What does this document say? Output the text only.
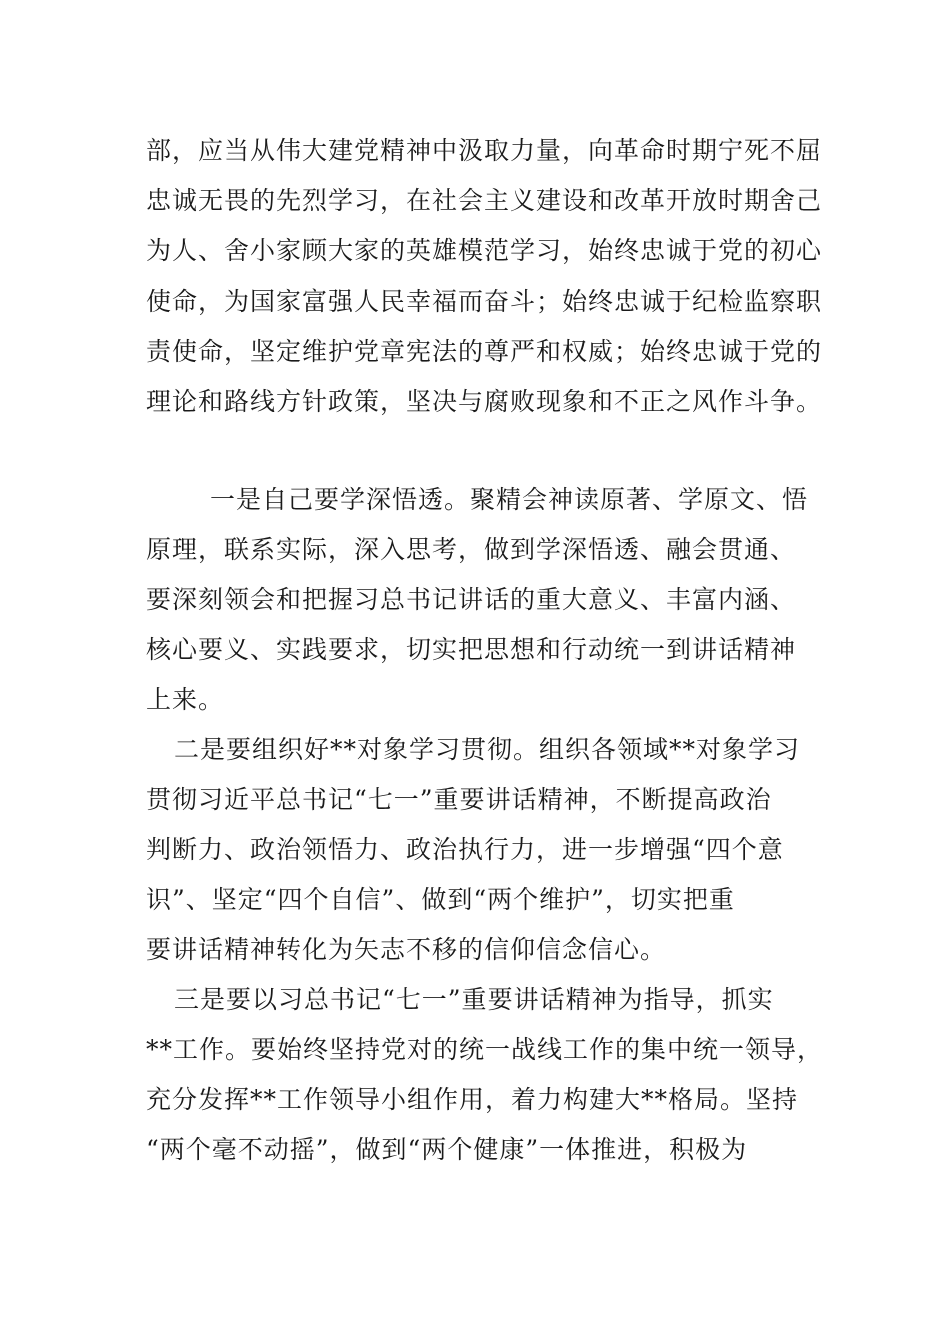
部，应当从伟大建党精神中汲取力量，向革命时期宁死不屈
忠诚无畏的先烈学习，在社会主义建设和改革开放时期舍己
为人、舍小家顾大家的英雄模范学习，始终忠诚于党的初心
使命，为国家富强人民幸福而奋斗；始终忠诚于纪检监察职
责使命，坚定维护党章宪法的尊严和权威；始终忠诚于党的
理论和路线方针政策，坚决与腐败现象和不正之风作斗争。
一是自己要学深悟透。聚精会神读原著、学原文、悟
原理，联系实际，深入思考，做到学深悟透、融会贯通、
要深刻领会和把握习总书记讲话的重大意义、丰富内涵、
核心要义、实践要求，切实把思想和行动统一到讲话精神
上来。
二是要组织好**对象学习贯彻。组织各领域**对象学习
贯彻习近平总书记“七一”重要讲话精神，不断提高政治
判断力、政治领悟力、政治执行力，进一步增强“四个意
识”、坚定“四个自信”、做到“两个维护”，切实把重
要讲话精神转化为矢志不移的信仰信念信心。
三是要以习总书记“七一”重要讲话精神为指导，抓实
**工作。要始终坚持党对的统一战线工作的集中统一领导，
充分发挥**工作领导小组作用，着力构建大**格局。坚持
“两个毫不动摇”，做到“两个健康”一体推进，积极为
